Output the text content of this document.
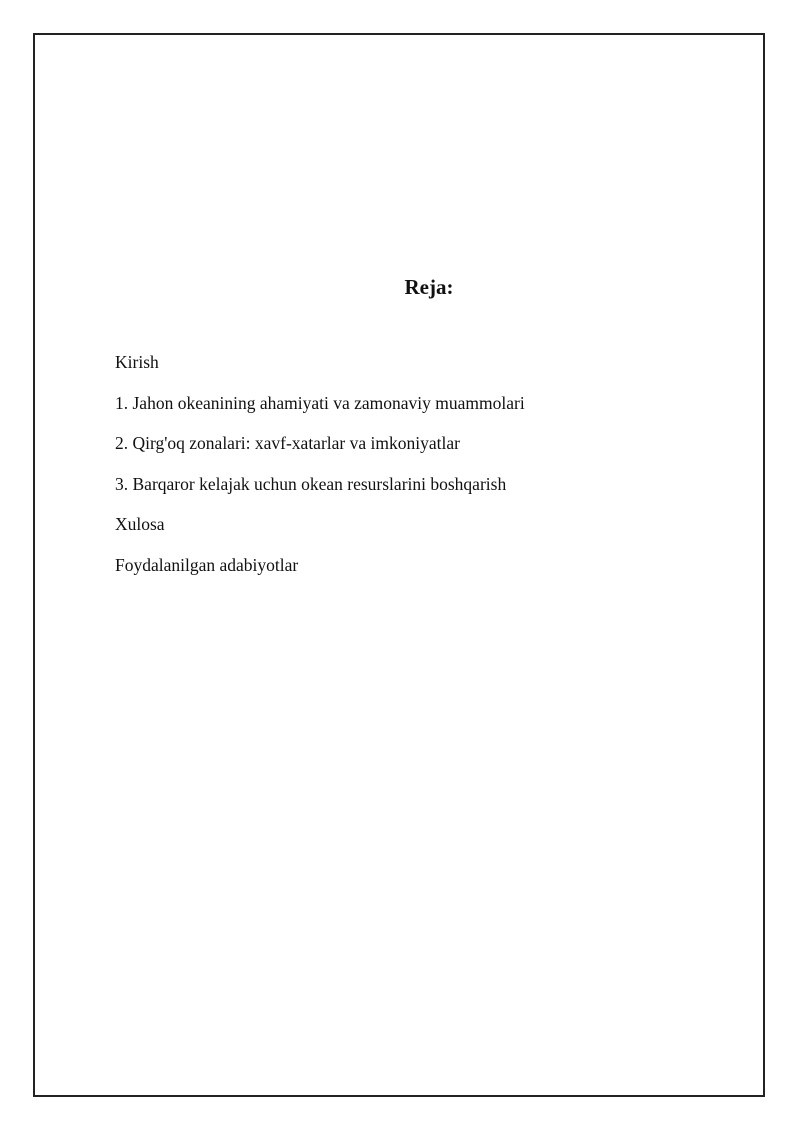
Reja:
Kirish
1. Jahon okeanining ahamiyati va zamonaviy muammolari
2. Qirg'oq zonalari: xavf-xatarlar va imkoniyatlar
3. Barqaror kelajak uchun okean resurslarini boshqarish
Xulosa
Foydalanilgan adabiyotlar
